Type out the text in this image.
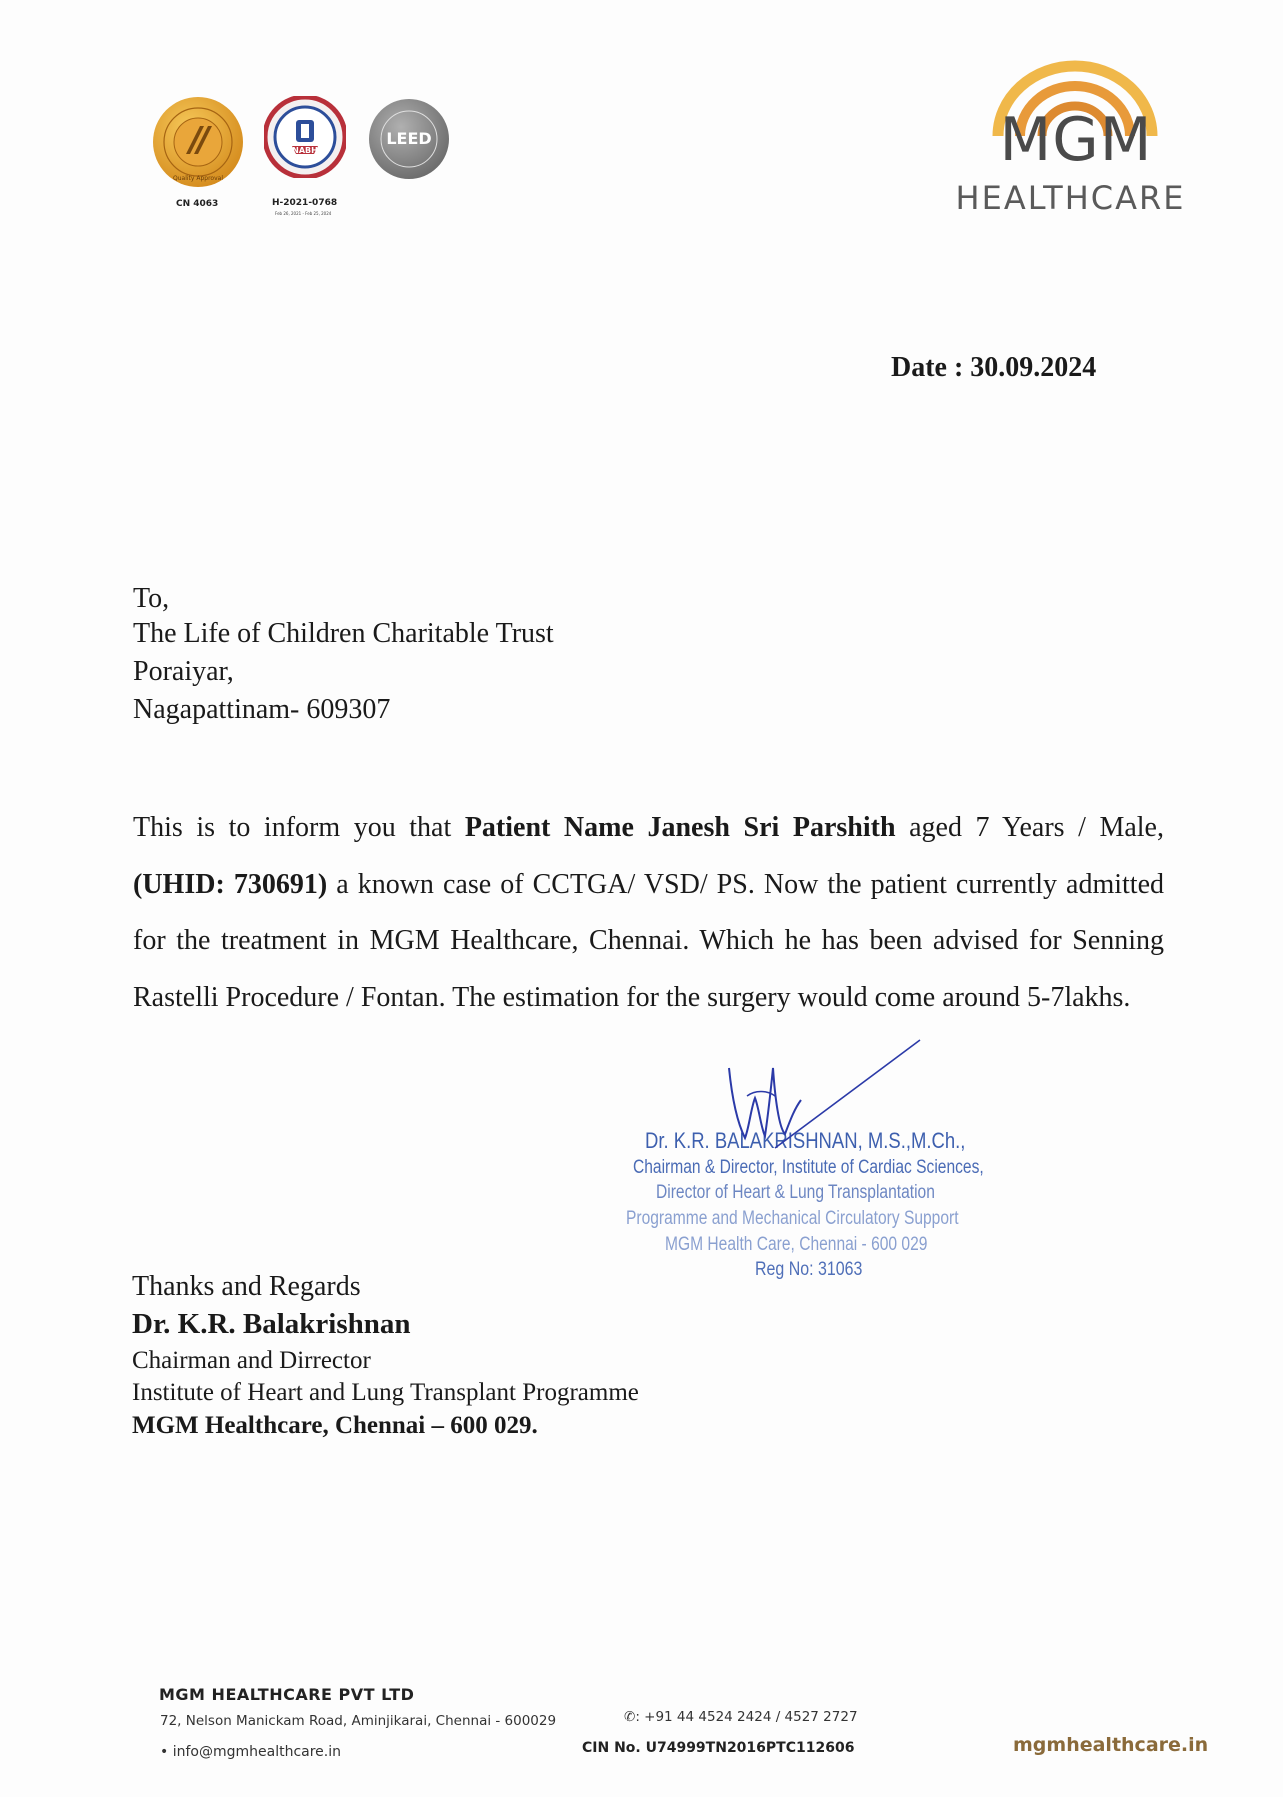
Quality Approval
CN 4063
NABH
H-2021-0768
Feb 26, 2021 - Feb 25, 2024
LEED	MGM
HEALTHCARE
Date : 30.09.2024
To,
The Life of Children Charitable Trust
Poraiyar,
Nagapattinam- 609307
This is to inform you that Patient Name Janesh Sri Parshith aged 7 Years / Male, (UHID: 730691) a known case of CCTGA/ VSD/ PS. Now the patient currently admitted for the treatment in MGM Healthcare, Chennai. Which he has been advised for Senning Rastelli Procedure / Fontan. The estimation for the surgery would come around 5-7lakhs.
Dr. K.R. BALAKRISHNAN, M.S.,M.Ch.,
Chairman & Director, Institute of Cardiac Sciences,
Director of Heart & Lung Transplantation
Programme and Mechanical Circulatory Support
MGM Health Care, Chennai - 600 029
Reg No: 31063
Thanks and Regards
Dr. K.R. Balakrishnan
Chairman and Dirrector
Institute of Heart and Lung Transplant Programme
MGM Healthcare, Chennai – 600 029.
MGM HEALTHCARE PVT LTD
72, Nelson Manickam Road, Aminjikarai, Chennai - 600029	✆: +91 44 4524 2424 / 4527 2727
• info@mgmhealthcare.in	CIN No. U74999TN2016PTC112606	mgmhealthcare.in
